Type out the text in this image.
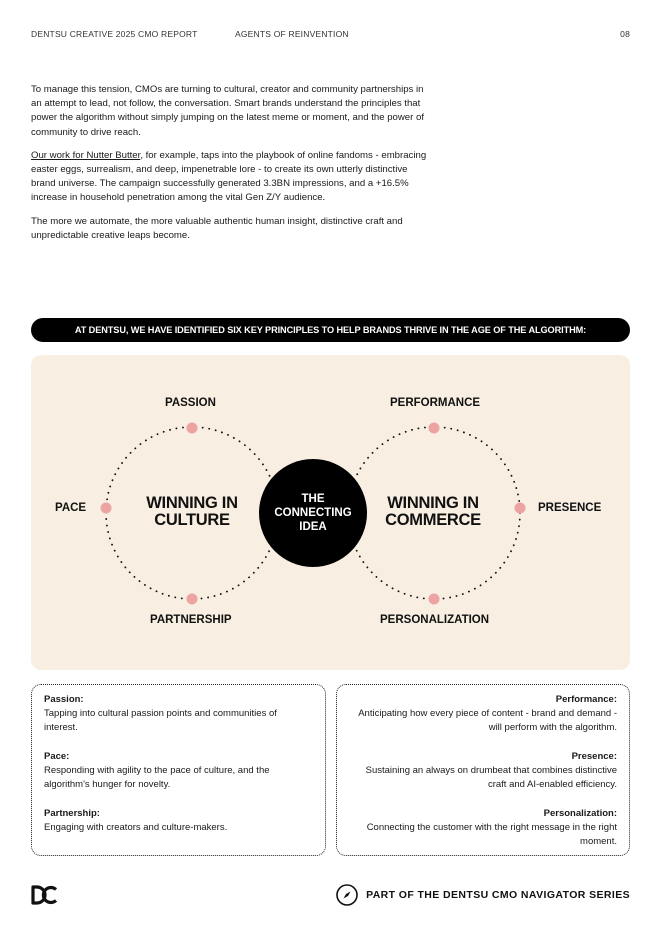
DENTSU CREATIVE 2025 CMO REPORT	AGENTS OF REINVENTION	08

To manage this tension, CMOs are turning to cultural, creator and community partnerships in an attempt to lead, not follow, the conversation. Smart brands understand the principles that power the algorithm without simply jumping on the latest meme or moment, and the power of community to drive reach.

Our work for Nutter Butter, for example, taps into the playbook of online fandoms - embracing easter eggs, surrealism, and deep, impenetrable lore - to create its own utterly distinctive brand universe. The campaign successfully generated 3.3BN impressions, and a +16.5% increase in household penetration among the vital Gen Z/Y audience.

The more we automate, the more valuable authentic human insight, distinctive craft and unpredictable creative leaps become.

AT DENTSU, WE HAVE IDENTIFIED SIX KEY PRINCIPLES TO HELP BRANDS THRIVE IN THE AGE OF THE ALGORITHM:
PASSION
PACE
PARTNERSHIP
PERFORMANCE
PRESENCE
PERSONALIZATION
WINNING IN
CULTURE
WINNING IN
COMMERCE
THE
CONNECTING
IDEA
Passion:
Tapping into cultural passion points and communities of interest.
Pace:
Responding with agility to the pace of culture, and the algorithm's hunger for novelty.
Partnership:
Engaging with creators and culture-makers.
Performance:
Anticipating how every piece of content - brand and demand - will perform with the algorithm.
Presence:
Sustaining an always on drumbeat that combines distinctive craft and AI-enabled efficiency.
Personalization:
Connecting the customer with the right message in the right moment.
PART OF THE DENTSU CMO NAVIGATOR SERIES
